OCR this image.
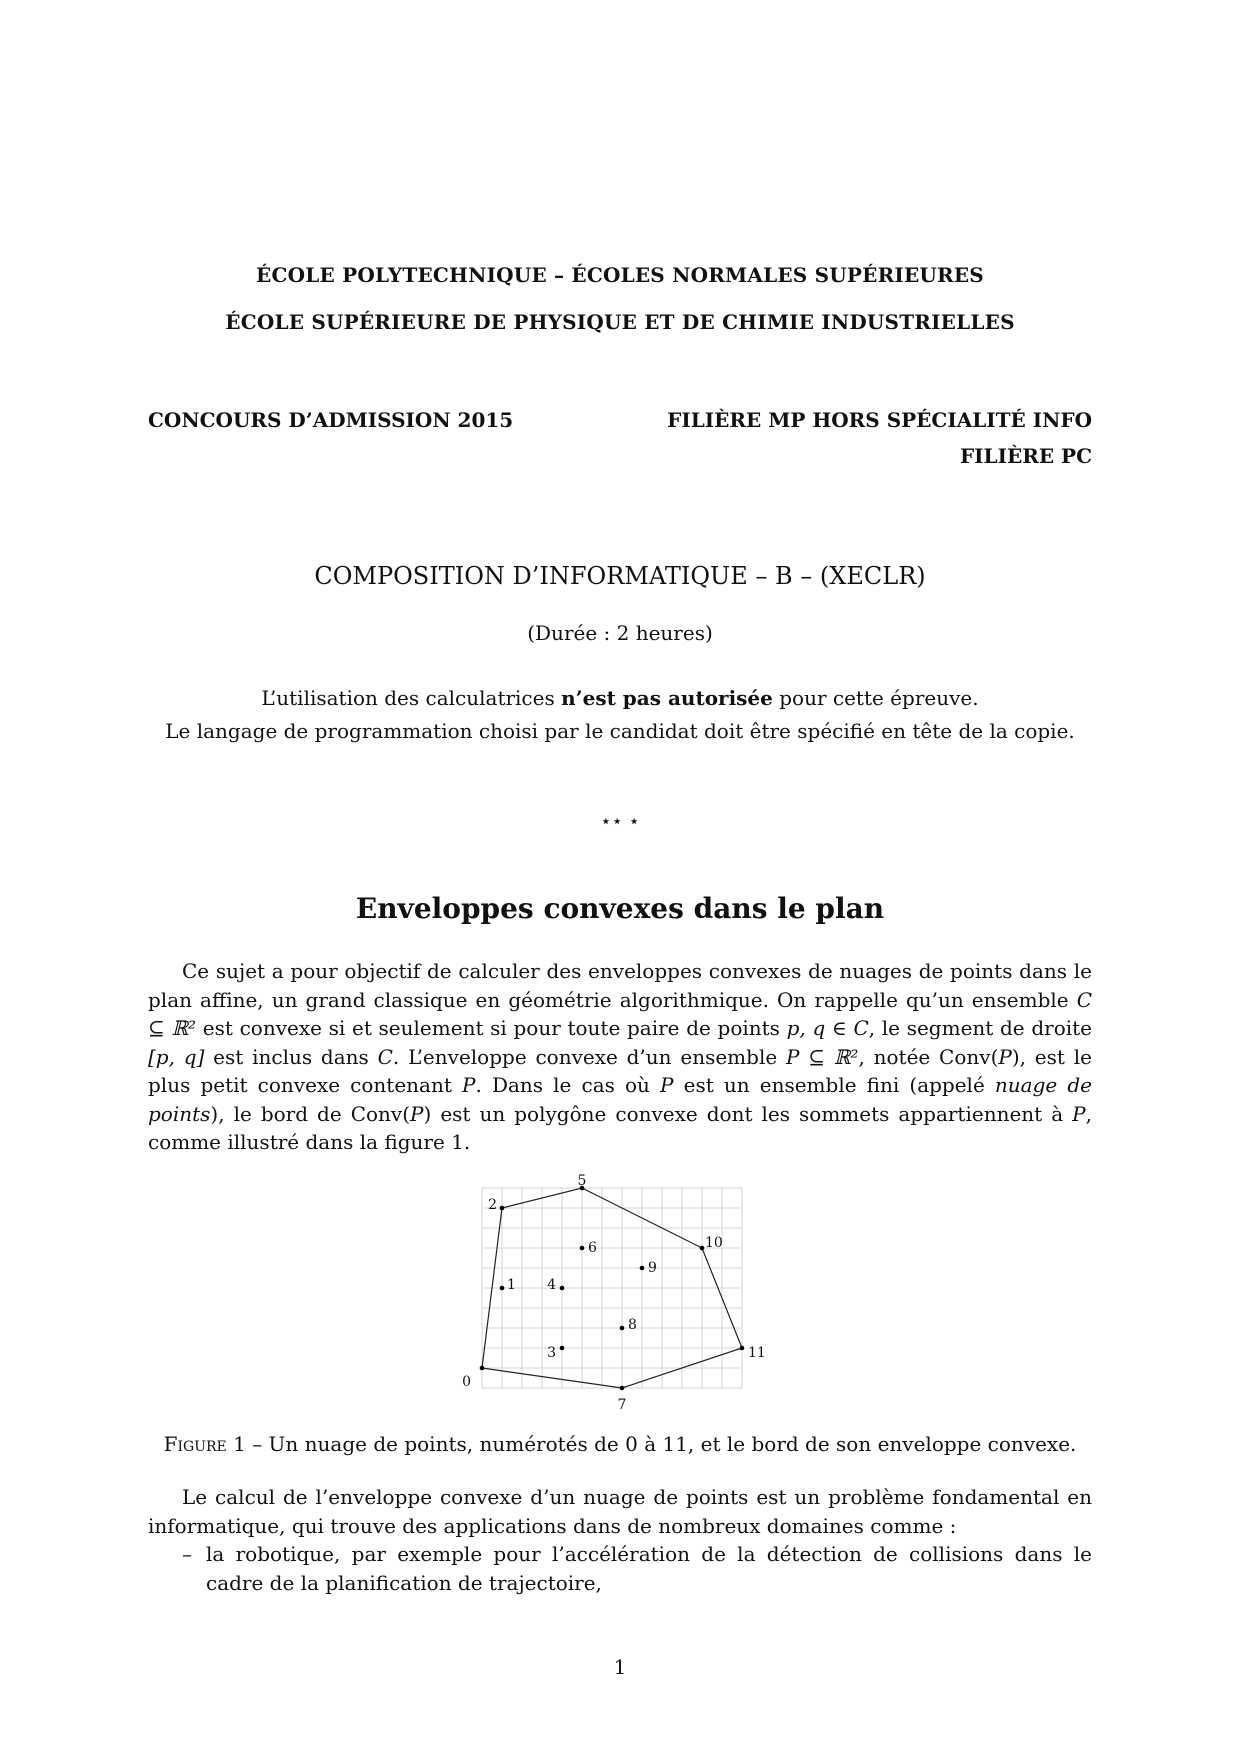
ÉCOLE POLYTECHNIQUE – ÉCOLES NORMALES SUPÉRIEURES
ÉCOLE SUPÉRIEURE DE PHYSIQUE ET DE CHIMIE INDUSTRIELLES
CONCOURS D’ADMISSION 2015	FILIÈRE MP HORS SPÉCIALITÉ INFO
FILIÈRE PC
COMPOSITION D’INFORMATIQUE – B – (XECLR)
(Durée : 2 heures)
L’utilisation des calculatrices n’est pas autorisée pour cette épreuve.
Le langage de programmation choisi par le candidat doit être spécifié en tête de la copie.
⋆⋆ ⋆
Enveloppes convexes dans le plan

Ce sujet a pour objectif de calculer des enveloppes convexes de nuages de points dans le plan affine, un grand classique en géométrie algorithmique. On rappelle qu’un ensemble C ⊆ ℝ² est convexe si et seulement si pour toute paire de points p, q ∈ C, le segment de droite [p, q] est inclus dans C. L’enveloppe convexe d’un ensemble P ⊆ ℝ², notée Conv(P), est le plus petit convexe contenant P. Dans le cas où P est un ensemble fini (appelé nuage de points), le bord de Conv(P) est un polygône convexe dont les sommets appartiennent à P, comme illustré dans la figure 1.

0
1
2
3
4
5
6
7
8
9
10
11
Figure 1 – Un nuage de points, numérotés de 0 à 11, et le bord de son enveloppe convexe.

Le calcul de l’enveloppe convexe d’un nuage de points est un problème fondamental en informatique, qui trouve des applications dans de nombreux domaines comme :

– la robotique, par exemple pour l’accélération de la détection de collisions dans le cadre de la planification de trajectoire,
1
